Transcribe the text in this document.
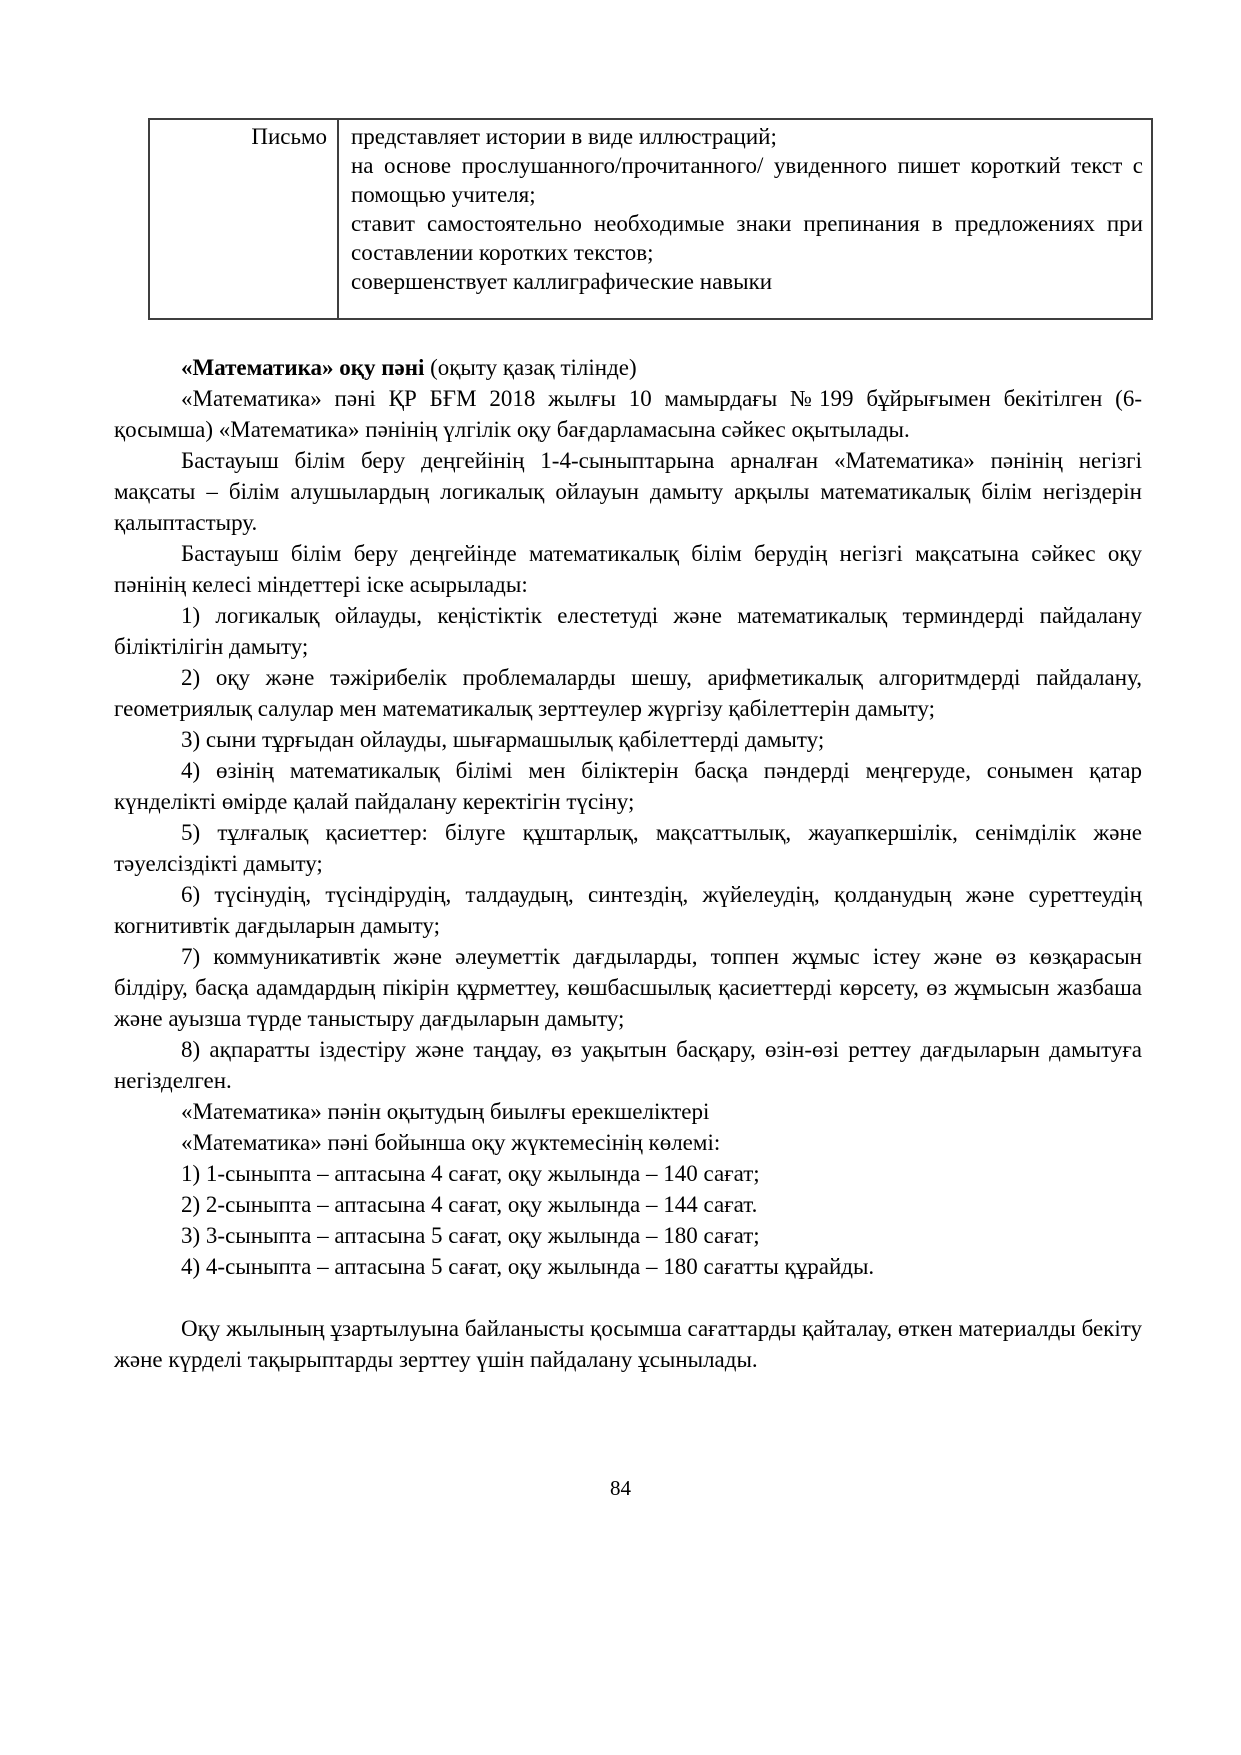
Письмо	представляет истории в виде иллюстраций;

на основе прослушанного/прочитанного/ увиденного пишет короткий текст с помощью учителя;

ставит самостоятельно необходимые знаки препинания в предложениях при составлении коротких текстов;

совершенствует каллиграфические навыки

«Математика» оқу пәні (оқыту қазақ тілінде)

«Математика» пәні ҚР БҒМ 2018 жылғы 10 мамырдағы №199 бұйрығымен бекітілген (6-қосымша) «Математика» пәнінің үлгілік оқу бағдарламасына сәйкес оқытылады.

Бастауыш білім беру деңгейінің 1-4-сыныптарына арналған «Математика» пәнінің негізгі мақсаты – білім алушылардың логикалық ойлауын дамыту арқылы математикалық білім негіздерін қалыптастыру.

Бастауыш білім беру деңгейінде математикалық білім берудің негізгі мақсатына сәйкес оқу пәнінің келесі міндеттері іске асырылады:

1) логикалық ойлауды, кеңістіктік елестетуді және математикалық терминдерді пайдалану біліктілігін дамыту;

2) оқу және тәжірибелік проблемаларды шешу, арифметикалық алгоритмдерді пайдалану, геометриялық салулар мен математикалық зерттеулер жүргізу қабілеттерін дамыту;

3) сыни тұрғыдан ойлауды, шығармашылық қабілеттерді дамыту;

4) өзінің математикалық білімі мен біліктерін басқа пәндерді меңгеруде, сонымен қатар күнделікті өмірде қалай пайдалану керектігін түсіну;

5) тұлғалық қасиеттер: білуге құштарлық, мақсаттылық, жауапкершілік, сенімділік және тәуелсіздікті дамыту;

6) түсінудің, түсіндірудің, талдаудың, синтездің, жүйелеудің, қолданудың және суреттеудің когнитивтік дағдыларын дамыту;

7) коммуникативтік және әлеуметтік дағдыларды, топпен жұмыс істеу және өз көзқарасын білдіру, басқа адамдардың пікірін құрметтеу, көшбасшылық қасиеттерді көрсету, өз жұмысын жазбаша және ауызша түрде таныстыру дағдыларын дамыту;

8) ақпаратты іздестіру және таңдау, өз уақытын басқару, өзін-өзі реттеу дағдыларын дамытуға негізделген.

«Математика» пәнін оқытудың биылғы ерекшеліктері

«Математика» пәні бойынша оқу жүктемесінің көлемі:

1) 1-сыныпта – аптасына 4 сағат, оқу жылында – 140 сағат;

2) 2-сыныпта – аптасына 4 сағат, оқу жылында – 144 сағат.

3) 3-сыныпта – аптасына 5 сағат, оқу жылында – 180 сағат;

4) 4-сыныпта – аптасына 5 сағат, оқу жылында – 180 сағатты құрайды.

Оқу жылының ұзартылуына байланысты қосымша сағаттарды қайталау, өткен материалды бекіту және күрделі тақырыптарды зерттеу үшін пайдалану ұсынылады.

84
